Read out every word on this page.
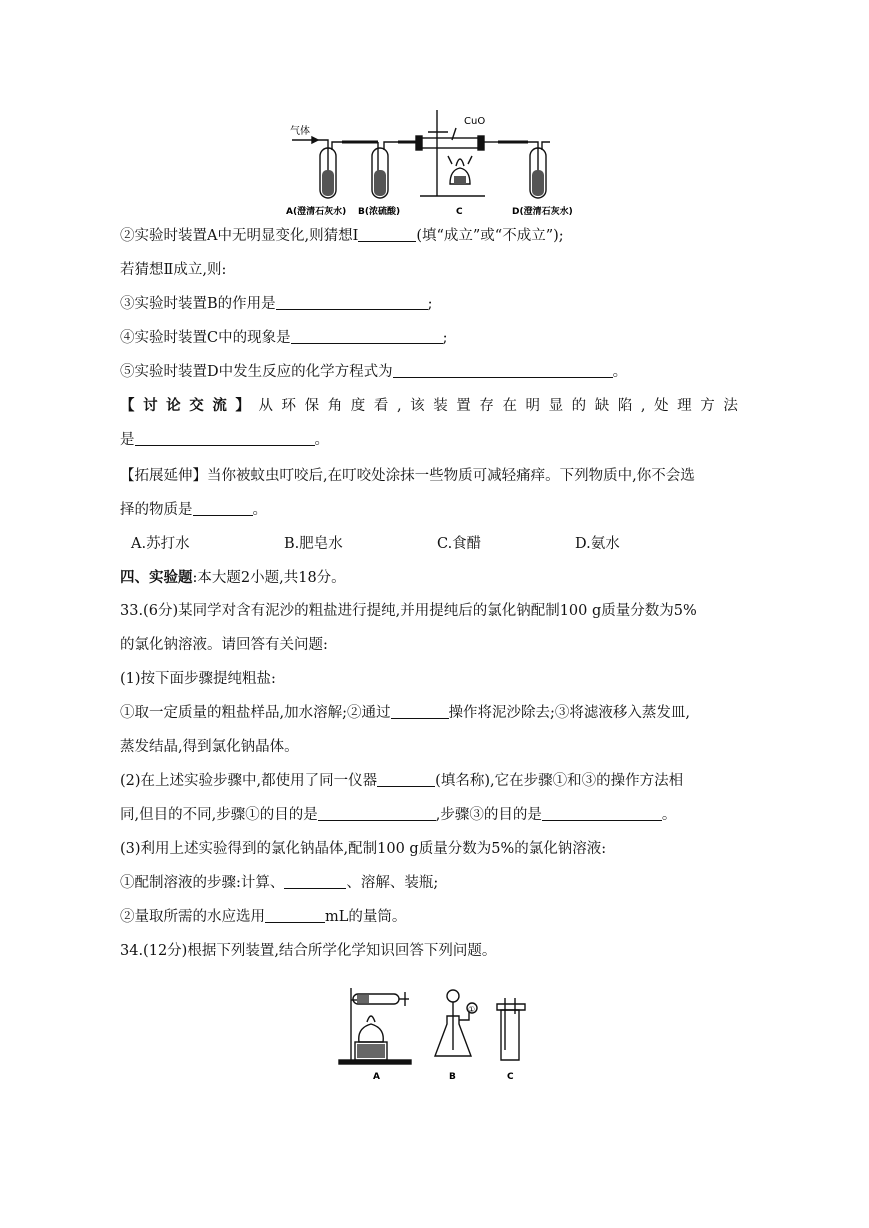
气体
CuO
A(澄清石灰水) B(浓硫酸)	C	D(澄清石灰水)
②实验时装置A中无明显变化,则猜想Ⅰ	(填“成立”或“不成立”);
若猜想Ⅱ成立,则:
③实验时装置B的作用是	;
④实验时装置C中的现象是	;
⑤实验时装置D中发生反应的化学方程式为	。
【 讨 论 交 流 】 从 环 保 角 度 看 , 该 装 置 存 在 明 显 的 缺 陷 , 处 理 方 法
是	。
【拓展延伸】当你被蚊虫叮咬后,在叮咬处涂抹一些物质可减轻痛痒。下列物质中,你不会选
择的物质是	。
A.苏打水	B.肥皂水	C.食醋	D.氨水
四、实验题:本大题2小题,共18分。
33.(6分)某同学对含有泥沙的粗盐进行提纯,并用提纯后的氯化钠配制100 g质量分数为5%
的氯化钠溶液。请回答有关问题:
(1)按下面步骤提纯粗盐:
①取一定质量的粗盐样品,加水溶解;②通过	操作将泥沙除去;③将滤液移入蒸发皿,
蒸发结晶,得到氯化钠晶体。
(2)在上述实验步骤中,都使用了同一仪器	(填名称),它在步骤①和③的操作方法相
同,但目的不同,步骤①的目的是	,步骤③的目的是	。
(3)利用上述实验得到的氯化钠晶体,配制100 g质量分数为5%的氯化钠溶液:
①配制溶液的步骤:计算、	、溶解、装瓶;
②量取所需的水应选用	mL的量筒。
34.(12分)根据下列装置,结合所学化学知识回答下列问题。
①
A	B	C
